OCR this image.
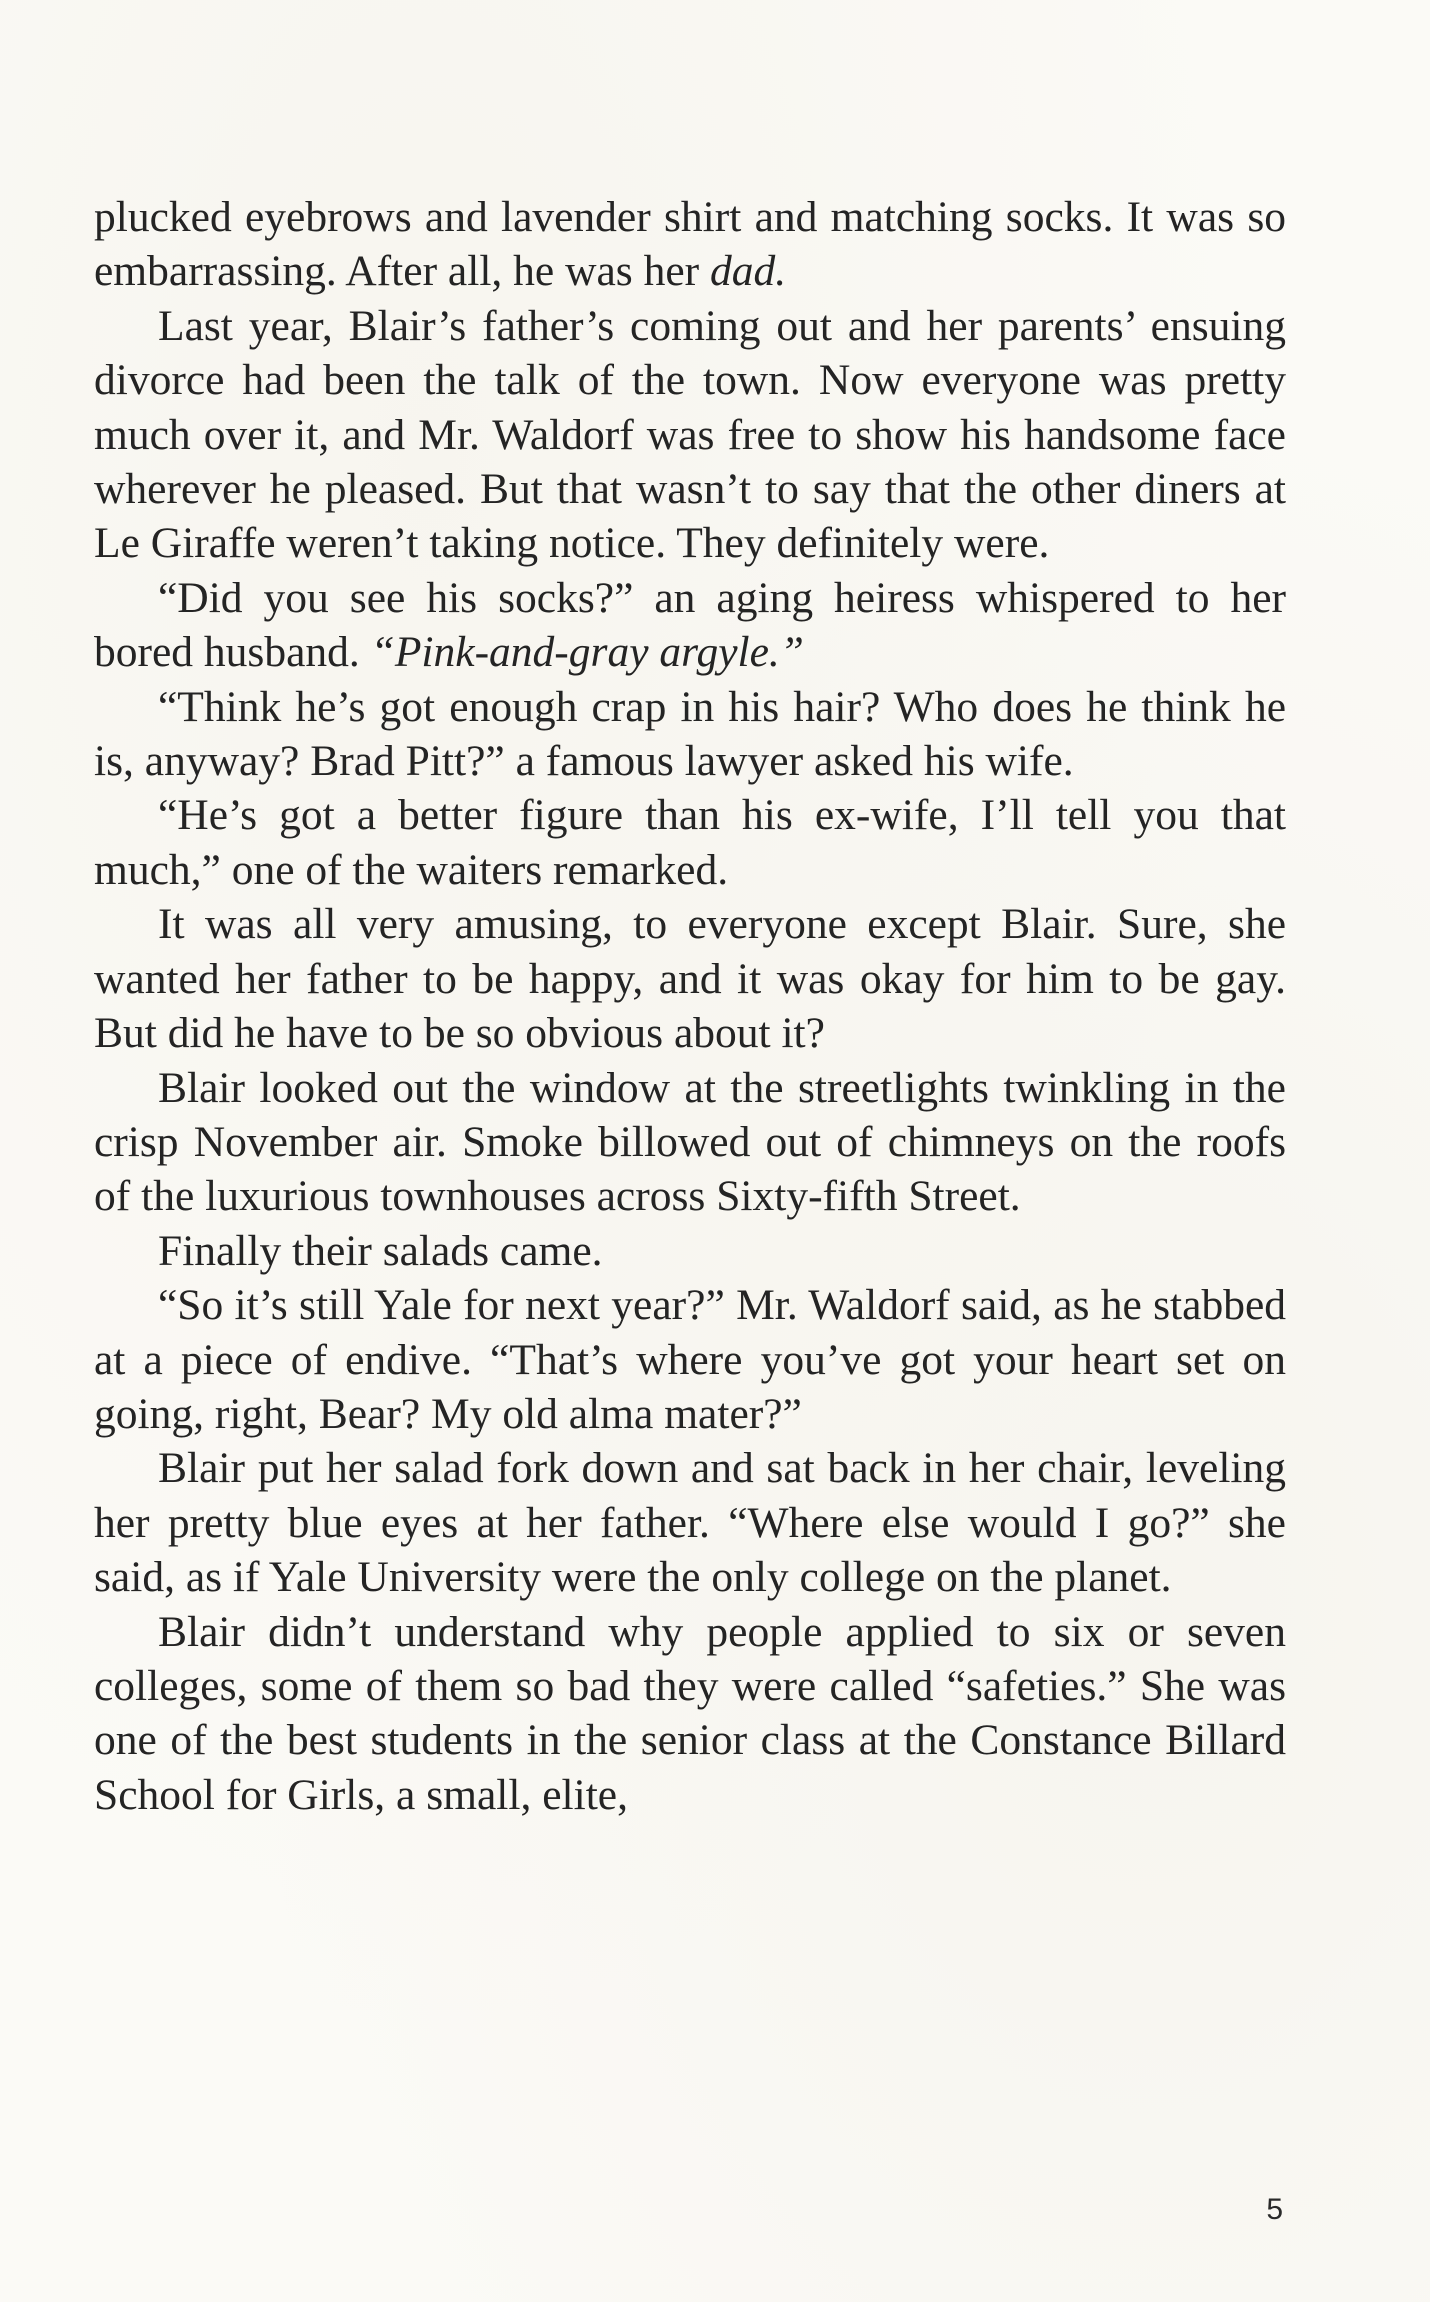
plucked eyebrows and lavender shirt and matching socks. It was so embarrassing. After all, he was her dad.

Last year, Blair’s father’s coming out and her parents’ ensuing divorce had been the talk of the town. Now everyone was pretty much over it, and Mr. Waldorf was free to show his handsome face wherever he pleased. But that wasn’t to say that the other diners at Le Giraffe weren’t taking notice. They definitely were.

“Did you see his socks?” an aging heiress whispered to her bored husband. “Pink-and-gray argyle.”

“Think he’s got enough crap in his hair? Who does he think he is, anyway? Brad Pitt?” a famous lawyer asked his wife.

“He’s got a better figure than his ex-wife, I’ll tell you that much,” one of the waiters remarked.

It was all very amusing, to everyone except Blair. Sure, she wanted her father to be happy, and it was okay for him to be gay. But did he have to be so obvious about it?

Blair looked out the window at the streetlights twinkling in the crisp November air. Smoke billowed out of chimneys on the roofs of the luxurious townhouses across Sixty-fifth Street.

Finally their salads came.

“So it’s still Yale for next year?” Mr. Waldorf said, as he stabbed at a piece of endive. “That’s where you’ve got your heart set on going, right, Bear? My old alma mater?”

Blair put her salad fork down and sat back in her chair, leveling her pretty blue eyes at her father. “Where else would I go?” she said, as if Yale University were the only college on the planet.

Blair didn’t understand why people applied to six or seven colleges, some of them so bad they were called “safeties.” She was one of the best students in the senior class at the Constance Billard School for Girls, a small, elite,

5
